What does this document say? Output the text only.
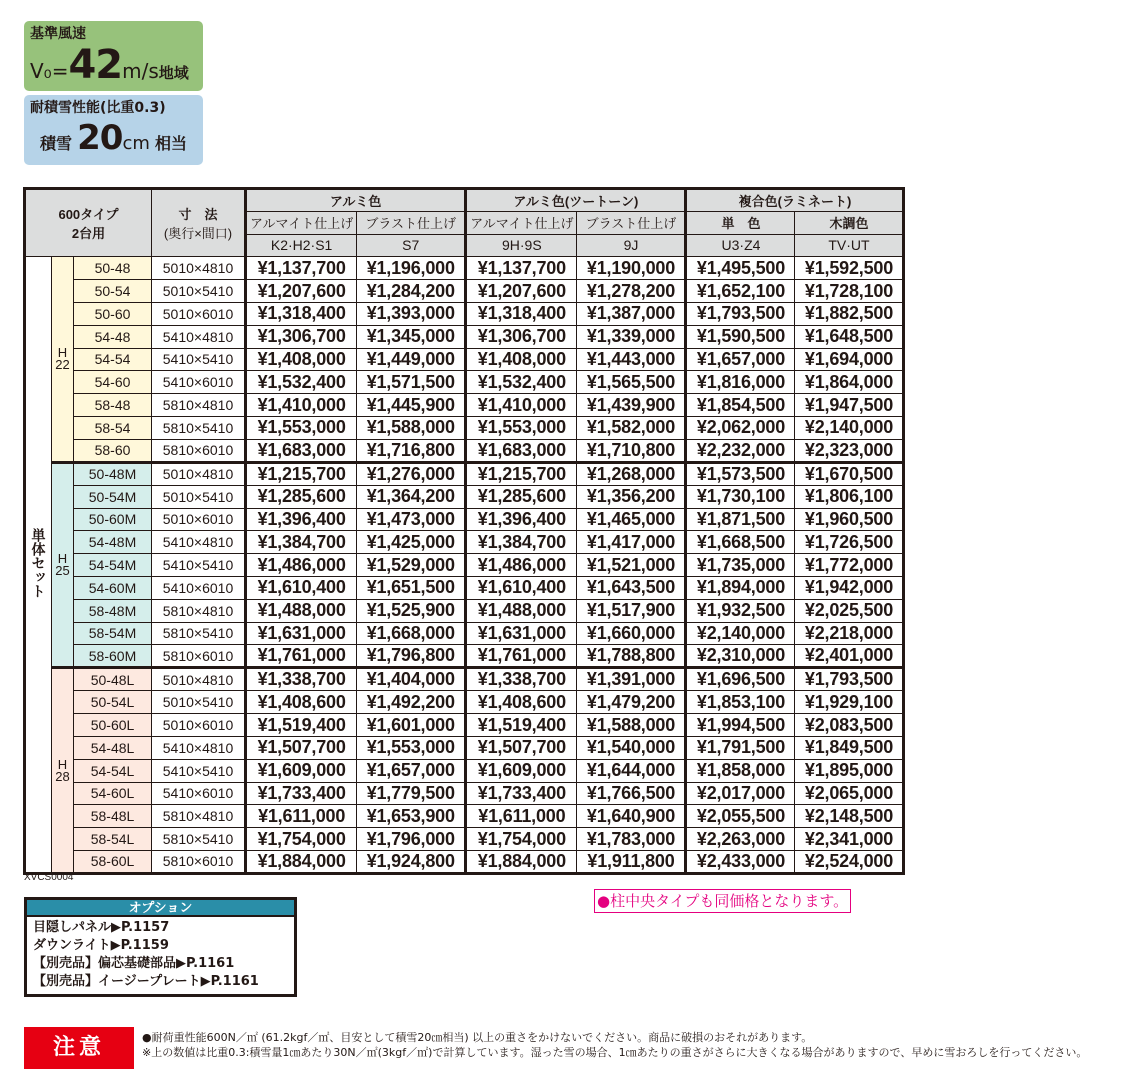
基準風速
V₀=42m/s地域
耐積雪性能(比重0.3)
積雪 20cm 相当
600タイプ
2台用

寸　法
(奥行×間口)
	アルミ色	アルミ色(ツートーン)	複合色(ラミネート)
				アルマイト仕上げ	ブラスト仕上げ	アルマイト仕上げ	ブラスト仕上げ	単　色	木調色
				K2·H2·S1	S7	9H·9S	9J	U3·Z4	TV·UT
単体セット	H
22	50-48	5010×4810	¥1,137,700	¥1,196,000	¥1,137,700	¥1,190,000	¥1,495,500	¥1,592,500
		50-54	5010×5410	¥1,207,600	¥1,284,200	¥1,207,600	¥1,278,200	¥1,652,100	¥1,728,100
		50-60	5010×6010	¥1,318,400	¥1,393,000	¥1,318,400	¥1,387,000	¥1,793,500	¥1,882,500
		54-48	5410×4810	¥1,306,700	¥1,345,000	¥1,306,700	¥1,339,000	¥1,590,500	¥1,648,500
		54-54	5410×5410	¥1,408,000	¥1,449,000	¥1,408,000	¥1,443,000	¥1,657,000	¥1,694,000
		54-60	5410×6010	¥1,532,400	¥1,571,500	¥1,532,400	¥1,565,500	¥1,816,000	¥1,864,000
		58-48	5810×4810	¥1,410,000	¥1,445,900	¥1,410,000	¥1,439,900	¥1,854,500	¥1,947,500
		58-54	5810×5410	¥1,553,000	¥1,588,000	¥1,553,000	¥1,582,000	¥2,062,000	¥2,140,000
		58-60	5810×6010	¥1,683,000	¥1,716,800	¥1,683,000	¥1,710,800	¥2,232,000	¥2,323,000

	H
25	50-48M	5010×4810	¥1,215,700	¥1,276,000	¥1,215,700	¥1,268,000	¥1,573,500	¥1,670,500
		50-54M	5010×5410	¥1,285,600	¥1,364,200	¥1,285,600	¥1,356,200	¥1,730,100	¥1,806,100
		50-60M	5010×6010	¥1,396,400	¥1,473,000	¥1,396,400	¥1,465,000	¥1,871,500	¥1,960,500
		54-48M	5410×4810	¥1,384,700	¥1,425,000	¥1,384,700	¥1,417,000	¥1,668,500	¥1,726,500
		54-54M	5410×5410	¥1,486,000	¥1,529,000	¥1,486,000	¥1,521,000	¥1,735,000	¥1,772,000
		54-60M	5410×6010	¥1,610,400	¥1,651,500	¥1,610,400	¥1,643,500	¥1,894,000	¥1,942,000
		58-48M	5810×4810	¥1,488,000	¥1,525,900	¥1,488,000	¥1,517,900	¥1,932,500	¥2,025,500
		58-54M	5810×5410	¥1,631,000	¥1,668,000	¥1,631,000	¥1,660,000	¥2,140,000	¥2,218,000
		58-60M	5810×6010	¥1,761,000	¥1,796,800	¥1,761,000	¥1,788,800	¥2,310,000	¥2,401,000

	H
28	50-48L	5010×4810	¥1,338,700	¥1,404,000	¥1,338,700	¥1,391,000	¥1,696,500	¥1,793,500
		50-54L	5010×5410	¥1,408,600	¥1,492,200	¥1,408,600	¥1,479,200	¥1,853,100	¥1,929,100
		50-60L	5010×6010	¥1,519,400	¥1,601,000	¥1,519,400	¥1,588,000	¥1,994,500	¥2,083,500
		54-48L	5410×4810	¥1,507,700	¥1,553,000	¥1,507,700	¥1,540,000	¥1,791,500	¥1,849,500
		54-54L	5410×5410	¥1,609,000	¥1,657,000	¥1,609,000	¥1,644,000	¥1,858,000	¥1,895,000
		54-60L	5410×6010	¥1,733,400	¥1,779,500	¥1,733,400	¥1,766,500	¥2,017,000	¥2,065,000
		58-48L	5810×4810	¥1,611,000	¥1,653,900	¥1,611,000	¥1,640,900	¥2,055,500	¥2,148,500
		58-54L	5810×5410	¥1,754,000	¥1,796,000	¥1,754,000	¥1,783,000	¥2,263,000	¥2,341,000
		58-60L	5810×6010	¥1,884,000	¥1,924,800	¥1,884,000	¥1,911,800	¥2,433,000	¥2,524,000
XVCS0004
オプション
目隠しパネル▶P.1157
ダウンライト▶P.1159
【別売品】偏芯基礎部品▶P.1161
【別売品】イージープレート▶P.1161
●柱中央タイプも同価格となります。
注意	●耐荷重性能600N／㎡ (61.2kgf／㎡、目安として積雪20㎝相当) 以上の重さをかけないでください。商品に破損のおそれがあります。
※上の数値は比重0.3:積雪量1㎝あたり30N／㎡(3kgf／㎡)で計算しています。湿った雪の場合、1㎝あたりの重さがさらに大きくなる場合がありますので、早めに雪おろしを行ってください。
